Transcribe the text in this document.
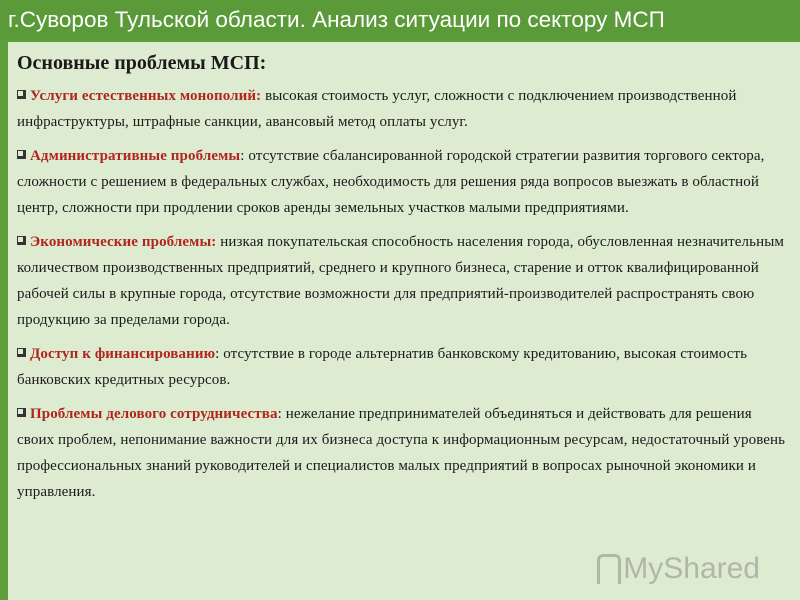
г.Суворов Тульской области. Анализ ситуации по сектору МСП
Основные проблемы МСП:
Услуги естественных монополий: высокая стоимость услуг, сложности с подключением производственной инфраструктуры, штрафные санкции, авансовый метод оплаты услуг.
Административные проблемы: отсутствие сбалансированной городской стратегии развития торгового сектора, сложности с решением в федеральных службах, необходимость для решения ряда вопросов выезжать в областной центр, сложности при продлении сроков аренды земельных участков малыми предприятиями.
Экономические проблемы: низкая покупательская способность населения города, обусловленная незначительным количеством производственных предприятий, среднего и крупного бизнеса, старение и отток квалифицированной рабочей силы в крупные города, отсутствие возможности для предприятий-производителей распространять свою продукцию за пределами города.
Доступ к финансированию: отсутствие в городе альтернатив банковскому кредитованию, высокая стоимость банковских кредитных ресурсов.
Проблемы делового сотрудничества: нежелание предпринимателей объединяться и действовать для решения своих проблем, непонимание важности для их бизнеса доступа к информационным ресурсам, недостаточный уровень профессиональных знаний руководителей и специалистов малых предприятий в вопросах рыночной экономики и управления.
MyShared
